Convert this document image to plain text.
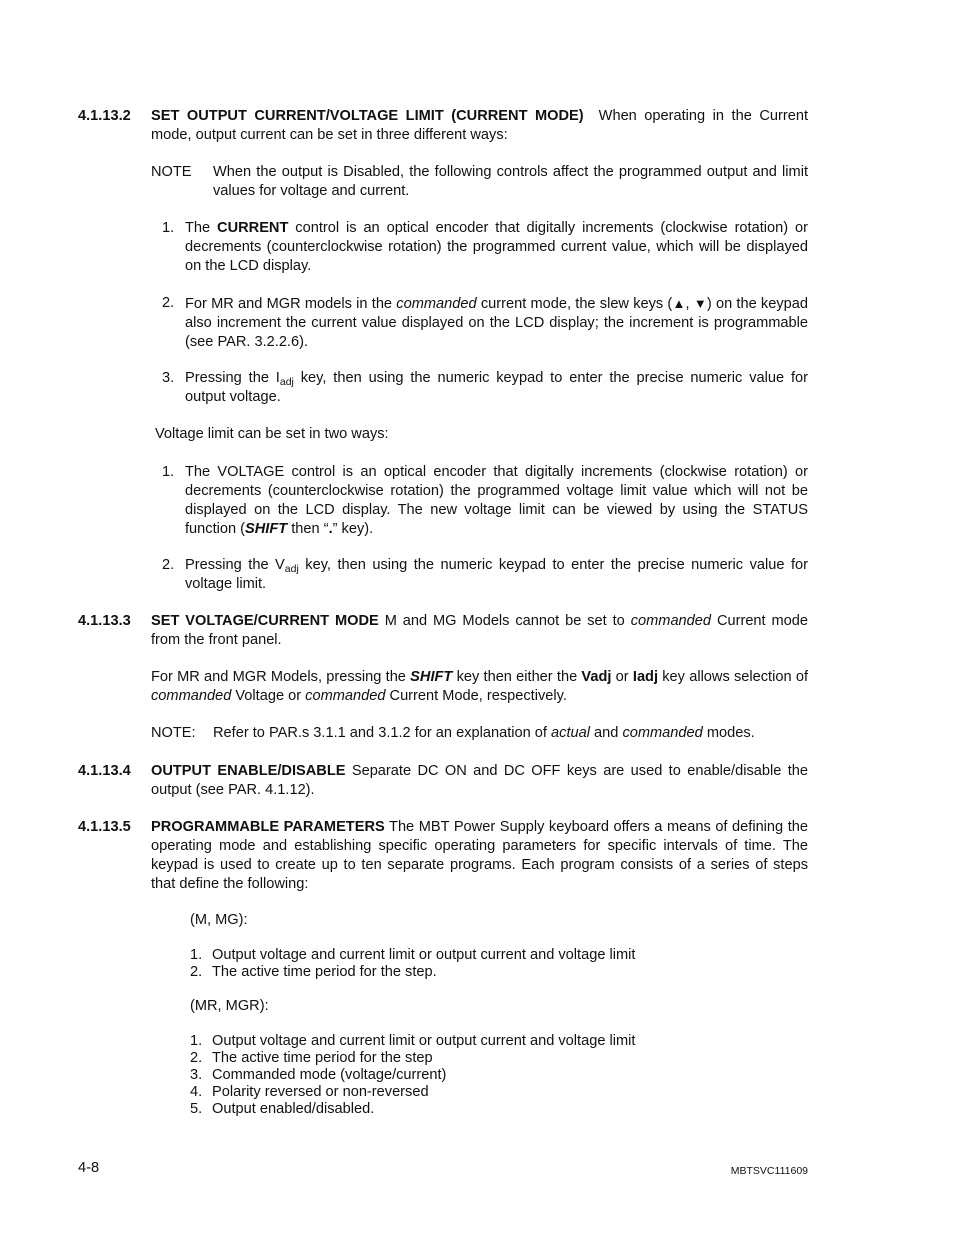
4.1.13.2 SET OUTPUT CURRENT/VOLTAGE LIMIT (CURRENT MODE) When operating in the Current mode, output current can be set in three different ways:
NOTE When the output is Disabled, the following controls affect the programmed output and limit values for voltage and current.
1. The CURRENT control is an optical encoder that digitally increments (clockwise rotation) or decrements (counterclockwise rotation) the programmed current value, which will be displayed on the LCD display.
2. For MR and MGR models in the commanded current mode, the slew keys (▲, ▼) on the keypad also increment the current value displayed on the LCD display; the increment is programmable (see PAR. 3.2.2.6).
3. Pressing the $I_{adj}$ key, then using the numeric keypad to enter the precise numeric value for output voltage.
Voltage limit can be set in two ways:
1. The VOLTAGE control is an optical encoder that digitally increments (clockwise rotation) or decrements (counterclockwise rotation) the programmed voltage limit value which will not be displayed on the LCD display. The new voltage limit can be viewed by using the STATUS function (SHIFT then “.” key).
2. Pressing the $V_{adj}$ key, then using the numeric keypad to enter the precise numeric value for voltage limit.
4.1.13.3 SET VOLTAGE/CURRENT MODE M and MG Models cannot be set to commanded Current mode from the front panel.
For MR and MGR Models, pressing the SHIFT key then either the Vadj or Iadj key allows selection of commanded Voltage or commanded Current Mode, respectively.
NOTE: Refer to PAR.s 3.1.1 and 3.1.2 for an explanation of actual and commanded modes.
4.1.13.4 OUTPUT ENABLE/DISABLE Separate DC ON and DC OFF keys are used to enable/disable the output (see PAR. 4.1.12).
4.1.13.5 PROGRAMMABLE PARAMETERS The MBT Power Supply keyboard offers a means of defining the operating mode and establishing specific operating parameters for specific intervals of time. The keypad is used to create up to ten separate programs. Each program consists of a series of steps that define the following:
(M, MG):
1. Output voltage and current limit or output current and voltage limit
2. The active time period for the step.
(MR, MGR):
1. Output voltage and current limit or output current and voltage limit
2. The active time period for the step
3. Commanded mode (voltage/current)
4. Polarity reversed or non-reversed
5. Output enabled/disabled.
4-8	MBTSVC111609
